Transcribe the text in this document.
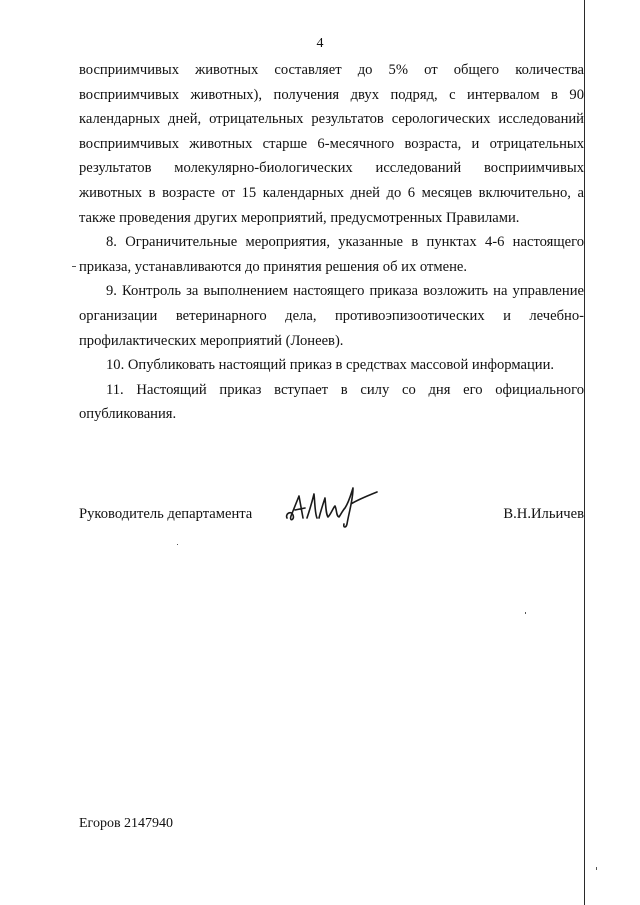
4

восприимчивых животных составляет до 5% от общего количества восприимчивых животных), получения двух подряд, с интервалом в 90 календарных дней, отрицательных результатов серологических исследований восприимчивых животных старше 6-месячного возраста, и отрицательных результатов молекулярно-биологических исследований восприимчивых животных в возрасте от 15 календарных дней до 6 месяцев включительно, а также проведения других мероприятий, предусмотренных Правилами.

8. Ограничительные мероприятия, указанные в пунктах 4-6 настоящего приказа, устанавливаются до принятия решения об их отмене.

9. Контроль за выполнением настоящего приказа возложить на управление организации ветеринарного дела, противоэпизоотических и лечебно-профилактических мероприятий (Лонеев).

10. Опубликовать настоящий приказ в средствах массовой информации.

11. Настоящий приказ вступает в силу со дня его официального опубликования.

Руководитель департамента	В.Н.Ильичев
Егоров 2147940
